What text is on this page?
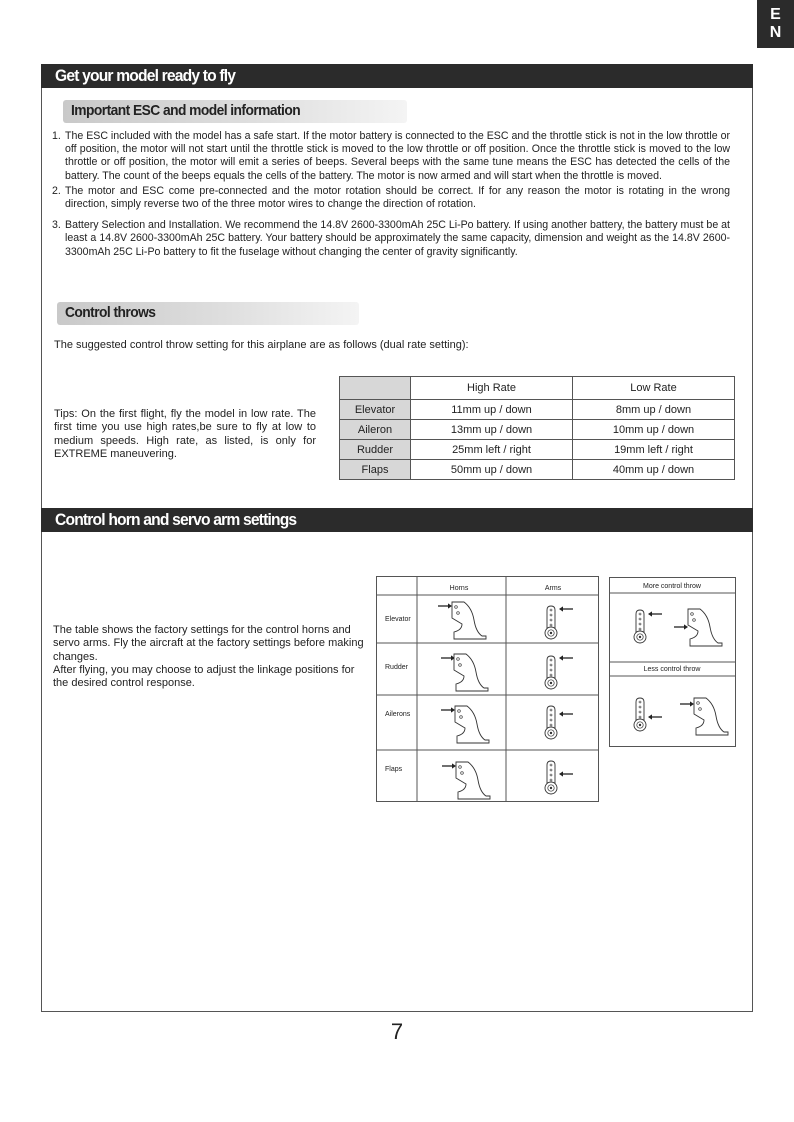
E
N
Get your model ready to fly
Important ESC and model information
1. The ESC included with the model has a safe start. If the motor battery is connected to the ESC and the throttle stick is not in the low throttle or off position, the motor will not start until the throttle stick is moved to the low throttle or off position. Once the throttle stick is moved to the low throttle or off position, the motor will emit a series of beeps. Several beeps with the same tune means the ESC has detected the cells of the battery. The count of the beeps equals the cells of the battery. The motor is now armed and will start when the throttle is moved.
2. The motor and ESC come pre-connected and the motor rotation should be correct. If for any reason the motor is rotating in the wrong direction, simply reverse two of the three motor wires to change the direction of rotation.
3. Battery Selection and Installation. We recommend the 14.8V 2600-3300mAh 25C Li-Po battery. If using another battery, the battery must be at least a 14.8V 2600-3300mAh 25C battery. Your battery should be approximately the same capacity, dimension and weight as the 14.8V 2600-3300mAh 25C Li-Po battery to fit the fuselage without changing the center of gravity significantly.
Control throws
The suggested control throw setting for this airplane are as follows (dual rate setting):
Tips: On the first flight, fly the model in low rate. The first time you use high rates,be sure to fly at low to medium speeds. High rate, as listed, is only for EXTREME maneuvering.
	High Rate	Low Rate
Elevator	11mm up / down	8mm up / down
Aileron	13mm up / down	10mm up / down
Rudder	25mm left / right	19mm left / right
Flaps	50mm up / down	40mm up / down
Control horn and servo arm settings
The table shows the factory settings for the control horns and servo arms. Fly the aircraft at the factory settings before making changes.
After flying, you may choose to adjust the linkage positions for the desired control response.
Horns	Arms
Elevator
Rudder
Ailerons
Flaps
More control throw
Less control throw
7
